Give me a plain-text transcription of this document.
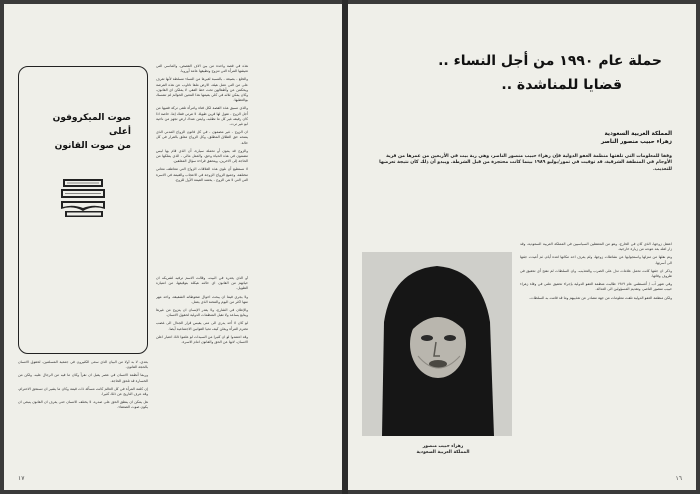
صوت الميكروفون أعلى
من صوت القانون

هذه في قصة واحدة من بين آلاف القصص، والمآسي التي تعيشها المرأة التي تتزوج وتطيقها عامة أوروبا.

والخلع - بصيغة - بالنسبة لغيرها من النساء مسلطة لأنها تعرف على من التي عمل هيئة، الارض ملقا تاتاوب عن هذه الفرصة ويحكمن عن وأطفالهن تحت خط الفقر، لا يملكن اي القانون، وكان يمكن ثلاثه في كلي بقيمها هذا المعين الحوائم لم تتمسك بوالعطيها.

والذي تسبق هذه القصة لكل فتاة وامرأة تلقى تركة فتنيها من أجل الزوج - تقول لها قرين طويلا. لا تترتي فتتك إما، خاصة اذا كان رفيقه غير كل ما تطلبه، وايمن عندك ارض تجهز من ناحية ابو غير ترت.

ان الزوج - غير مضمون - في كل قانون الزواج المدني الذي يمنحه حق الطلاق المطلق، وكل الزواج معلق بالقرار في كل حالة.

والزوج قد يمون أو تحملة سيارة، أن الذي قام بها ليس مضمون في هذه الحياة وحق، والعمل مالي - الذي يملكها من الحاجة إلى الاخرين، ويتحقق قراءة سؤال المعلقين.

لا نستطيع أن نلوي هذه العلاقات الزواج التي تتعاطف معاني مختلفة، وجميع الزواج الزوجة في الاعجاب والقيمة في الاسرة التي التي لا هي الزوج - يحتمد القيمة الأول للزوج.

أو الذي يغدره في البيت، وقالت الاسم ترفيه لشريكه ان حياتهم من القانون اي حالته هيكلة بتوقيعها، من امتيازه الطويل.

ولا يجري فيما ان يبحث احوال ضغوطاته الشقيقة، واحد مهر منها اكثر من اليوم والمحنة الذي يعمل.

والإعلان في الشارع، ولا يقدر الإنسان ان يتزوج من غيرها ويتابع يساعد ولا تقبل المنظمات الدولية لحقوق الانسان.

لو كان لا أحد يدري الى متى يقيس قرار الجدال الى غضب تحترم المرأة ويعلن كيف تحيا القوانين الاجتماعية أيضا.

وقد اعتمدوا لو ان كثيرا من السيدات لو علموا ذلك اعتبار اعلن الانسان، لانها عن الحق والقانون امام الاسرة.

بعدي، لا بد أولا من البيان الذي سعى الكثيرون في جمعية المسلمين، لحقوق الانسان بالحجة القانون.

وربما أنظمة الانسان في عصر يقبل ان نقرأ وكان ما فيه من الرجال عليه، ولكن من الخسارة قد تلحق الحاجة.

إن كلمة المرأة في كل العالم كانت مسألة ذات قيمة وكان ما يشير ان تستحق الاحترام، وقد عرف التاريخ عن ذلك كثيرا.

هل يمكن ان ينطق الحق على صدره، لا يختلف الانسان حتى يعرف ان القانون ينبغي ان يكون صوت الضعفاء.

١٧
حملة عام ١٩٩٠ من أجل النساء ..
قضايا للمناشدة ..
المملكة العربية السعودية
زهراء حبيب منصور الناصر
وفقا للمعلومات التي تلقتها منظمة العفو الدولية فإن زهراء حبيب منصور الناصر، وهي ربة بيت في الأربعين من عمرها من قرية الأوجام في المنطقة الشرقية، قد توفيت في تموز/يوليو ١٩٨٩ بينما كانت محتجزة من قبل الشرطة. ويبدو أن ذلك كان نتيجة تعرضها للتعذيب.

اعتقل زوجها، الذي كان في الخارج، وهو من المعتقلين السياسيين في المملكة العربية السعودية، وقد زار اهله بعد عودته من زيارة خارجية.

وتم نقلها من منزلها واستجوابها عن نشاطات زوجها، ولم يعرف احد مكانها لعدة أيام، ثم أعيدت جثتها الى أسرتها.

وذكر ان جثتها كانت تحمل علامات تدل على الضرب والتعذيب، وان السلطات لم تفتح أي تحقيق في ظروف وفاتها.

وفي شهر آب / أغسطس عام ١٩٨٩ طالبت منظمة العفو الدولية بإجراء تحقيق علني في وفاة زهراء حبيب منصور الناصر، وتقديم المسؤولين الى العدالة.

ولكن منظمة العفو الدولية تلقت معلومات من جهة مصادر عن تعذيبهم وما قد قامت به السلطات.

زهراء حبيب منصور
المملكة العربية السعودية
١٦
